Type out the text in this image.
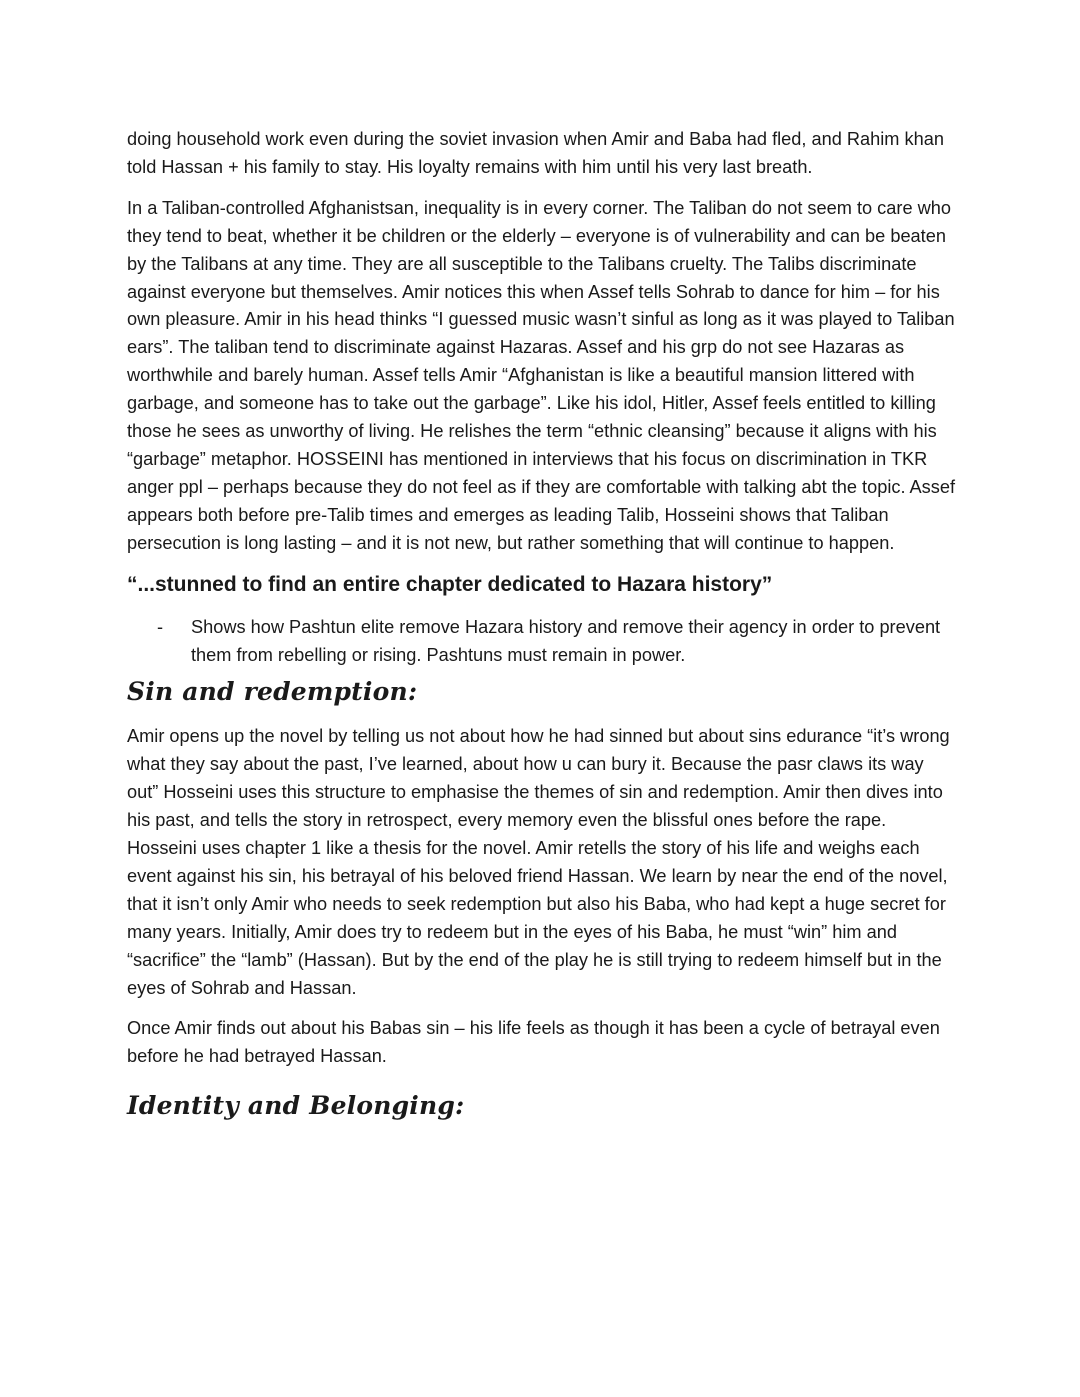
doing household work even during the soviet invasion when Amir and Baba had fled, and Rahim khan told Hassan + his family to stay. His loyalty remains with him until his very last breath.

In a Taliban-controlled Afghanistsan, inequality is in every corner. The Taliban do not seem to care who they tend to beat, whether it be children or the elderly – everyone is of vulnerability and can be beaten by the Talibans at any time. They are all susceptible to the Talibans cruelty. The Talibs discriminate against everyone but themselves. Amir notices this when Assef tells Sohrab to dance for him – for his own pleasure. Amir in his head thinks “I guessed music wasn’t sinful as long as it was played to Taliban ears”. The taliban tend to discriminate against Hazaras. Assef and his grp do not see Hazaras as worthwhile and barely human. Assef tells Amir “Afghanistan is like a beautiful mansion littered with garbage, and someone has to take out the garbage”. Like his idol, Hitler, Assef feels entitled to killing those he sees as unworthy of living. He relishes the term “ethnic cleansing” because it aligns with his “garbage” metaphor. HOSSEINI has mentioned in interviews that his focus on discrimination in TKR anger ppl – perhaps because they do not feel as if they are comfortable with talking abt the topic. Assef appears both before pre-Talib times and emerges as leading Talib, Hosseini shows that Taliban persecution is long lasting – and it is not new, but rather something that will continue to happen.

“...stunned to find an entire chapter dedicated to Hazara history”
- Shows how Pashtun elite remove Hazara history and remove their agency in order to prevent them from rebelling or rising. Pashtuns must remain in power.
Sin and redemption:

Amir opens up the novel by telling us not about how he had sinned but about sins edurance “it’s wrong what they say about the past, I’ve learned, about how u can bury it. Because the pasr claws its way out” Hosseini uses this structure to emphasise the themes of sin and redemption. Amir then dives into his past, and tells the story in retrospect, every memory even the blissful ones before the rape. Hosseini uses chapter 1 like a thesis for the novel. Amir retells the story of his life and weighs each event against his sin, his betrayal of his beloved friend Hassan. We learn by near the end of the novel, that it isn’t only Amir who needs to seek redemption but also his Baba, who had kept a huge secret for many years. Initially, Amir does try to redeem but in the eyes of his Baba, he must “win” him and “sacrifice” the “lamb” (Hassan). But by the end of the play he is still trying to redeem himself but in the eyes of Sohrab and Hassan.

Once Amir finds out about his Babas sin – his life feels as though it has been a cycle of betrayal even before he had betrayed Hassan.

Identity and Belonging:
